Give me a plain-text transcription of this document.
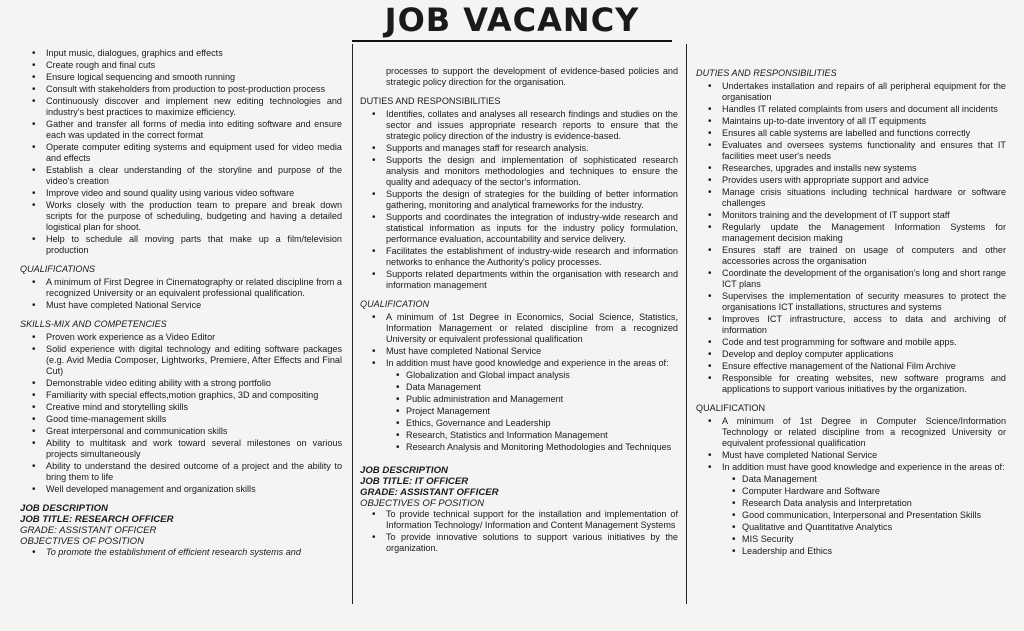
JOB VACANCY
• Input music, dialogues, graphics and effects
• Create rough and final cuts
• Ensure logical sequencing and smooth running
• Consult with stakeholders from production to post-production process
• Continuously discover and implement new editing technologies and industry's best practices to maximize efficiency.
• Gather and transfer all forms of media into editing software and ensure each was updated in the correct format
• Operate computer editing systems and equipment used for video media and effects
• Establish a clear understanding of the storyline and purpose of the video's creation
• Improve video and sound quality using various video software
• Works closely with the production team to prepare and break down scripts for the purpose of scheduling, budgeting and having a detailed logistical plan for shoot.
• Help to schedule all moving parts that make up a film/television production
QUALIFICATIONS
• A minimum of First Degree in Cinematography or related discipline from a recognized University or an equivalent professional qualification.
• Must have completed National Service
SKILLS-MIX AND COMPETENCIES
• Proven work experience as a Video Editor
• Solid experience with digital technology and editing software packages (e.g. Avid Media Composer, Lightworks, Premiere, After Effects and Final Cut)
• Demonstrable video editing ability with a strong portfolio
• Familiarity with special effects,motion graphics, 3D and compositing
• Creative mind and storytelling skills
• Good time-management skills
• Great interpersonal and communication skills
• Ability to multitask and work toward several milestones on various projects simultaneously
• Ability to understand the desired outcome of a project and the ability to bring them to life
• Well developed management and organization skills
JOB DESCRIPTION
JOB TITLE: RESEARCH OFFICER
GRADE: ASSISTANT OFFICER
OBJECTIVES OF POSITION
• To promote the establishment of efficient research systems and

processes to support the development of evidence-based policies and strategic policy direction for the organisation.

DUTIES AND RESPONSIBILITIES
• Identifies, collates and analyses all research findings and studies on the sector and issues appropriate research reports to ensure that the strategic policy direction of the industry is evidence-based.
• Supports and manages staff for research analysis.
• Supports the design and implementation of sophisticated research analysis and monitors methodologies and techniques to ensure the quality and adequacy of the sector's information.
• Supports the design of strategies for the building of better information gathering, monitoring and analytical frameworks for the industry.
• Supports and coordinates the integration of industry-wide research and statistical information as inputs for the industry policy formulation, performance evaluation, accountability and service delivery.
• Facilitates the establishment of industry-wide research and information networks to enhance the Authority's policy processes.
• Supports related departments within the organisation with research and information management
QUALIFICATION
• A minimum of 1st Degree in Economics, Social Science, Statistics, Information Management or related discipline from a recognized University or equivalent professional qualification
• Must have completed National Service
• In addition must have good knowledge and experience in the areas of:
• Globalization and Global impact analysis
• Data Management
• Public administration and Management
• Project Management
• Ethics, Governance and Leadership
• Research, Statistics and Information Management
• Research Analysis and Monitoring Methodologies and Techniques
JOB DESCRIPTION
JOB TITLE: IT OFFICER
GRADE: ASSISTANT OFFICER
OBJECTIVES OF POSITION
• To provide technical support for the installation and implementation of Information Technology/ Information and Content Management Systems
• To provide innovative solutions to support various initiatives by the organization.
DUTIES AND RESPONSIBILITIES
• Undertakes installation and repairs of all peripheral equipment for the organisation
• Handles IT related complaints from users and document all incidents
• Maintains up-to-date inventory of all IT equipments
• Ensures all cable systems are labelled and functions correctly
• Evaluates and oversees systems functionality and ensures that IT facilities meet user's needs
• Researches, upgrades and installs new systems
• Provides users with appropriate support and advice
• Manage crisis situations including technical hardware or software challenges
• Monitors training and the development of IT support staff
• Regularly update the Management Information Systems for management decision making
• Ensures staff are trained on usage of computers and other accessories across the organisation
• Coordinate the development of the organisation's long and short range ICT plans
• Supervises the implementation of security measures to protect the organisations ICT installations, structures and systems
• Improves ICT infrastructure, access to data and archiving of information
• Code and test programming for software and mobile apps.
• Develop and deploy computer applications
• Ensure effective management of the National Film Archive
• Responsible for creating websites, new software programs and applications to support various initiatives by the organization.
QUALIFICATION
• A minimum of 1st Degree in Computer Science/Information Technology or related discipline from a recognized University or equivalent professional qualification
• Must have completed National Service
• In addition must have good knowledge and experience in the areas of:
• Data Management
• Computer Hardware and Software
• Research Data analysis and Interpretation
• Good communication, Interpersonal and Presentation Skills
• Qualitative and Quantitative Analytics
• MIS Security
• Leadership and Ethics
